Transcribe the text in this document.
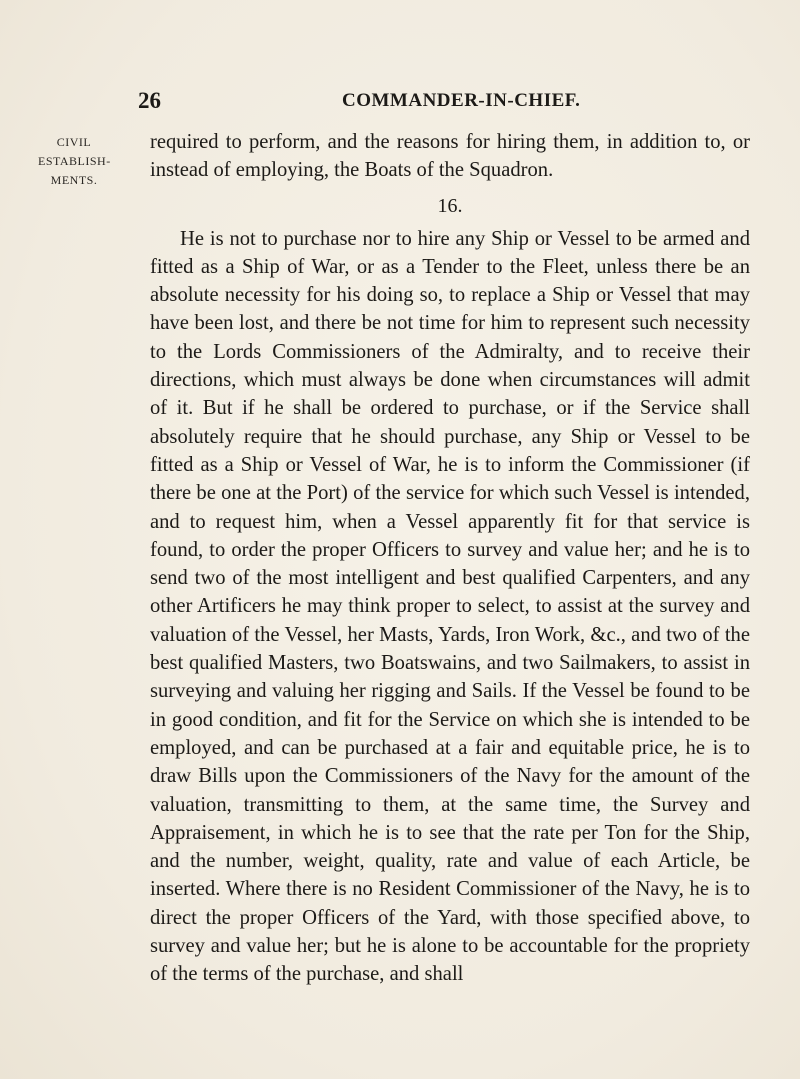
26	COMMANDER-IN-CHIEF.
CIVIL
ESTABLISH-
MENTS.

required to perform, and the reasons for hiring them, in addition to, or instead of employing, the Boats of the Squadron.

16.

He is not to purchase nor to hire any Ship or Vessel to be armed and fitted as a Ship of War, or as a Tender to the Fleet, unless there be an absolute necessity for his doing so, to replace a Ship or Vessel that may have been lost, and there be not time for him to represent such necessity to the Lords Commissioners of the Admiralty, and to receive their directions, which must always be done when circumstances will admit of it. But if he shall be ordered to purchase, or if the Service shall absolutely require that he should purchase, any Ship or Vessel to be fitted as a Ship or Vessel of War, he is to inform the Commissioner (if there be one at the Port) of the service for which such Vessel is intended, and to request him, when a Vessel apparently fit for that service is found, to order the proper Officers to survey and value her; and he is to send two of the most intelligent and best qualified Carpenters, and any other Artificers he may think proper to select, to assist at the survey and valuation of the Vessel, her Masts, Yards, Iron Work, &c., and two of the best qualified Masters, two Boatswains, and two Sailmakers, to assist in surveying and valuing her rigging and Sails. If the Vessel be found to be in good condition, and fit for the Service on which she is intended to be employed, and can be purchased at a fair and equitable price, he is to draw Bills upon the Commissioners of the Navy for the amount of the valuation, transmitting to them, at the same time, the Survey and Appraisement, in which he is to see that the rate per Ton for the Ship, and the number, weight, quality, rate and value of each Article, be inserted. Where there is no Resident Commissioner of the Navy, he is to direct the proper Officers of the Yard, with those specified above, to survey and value her; but he is alone to be accountable for the propriety of the terms of the purchase, and shall
